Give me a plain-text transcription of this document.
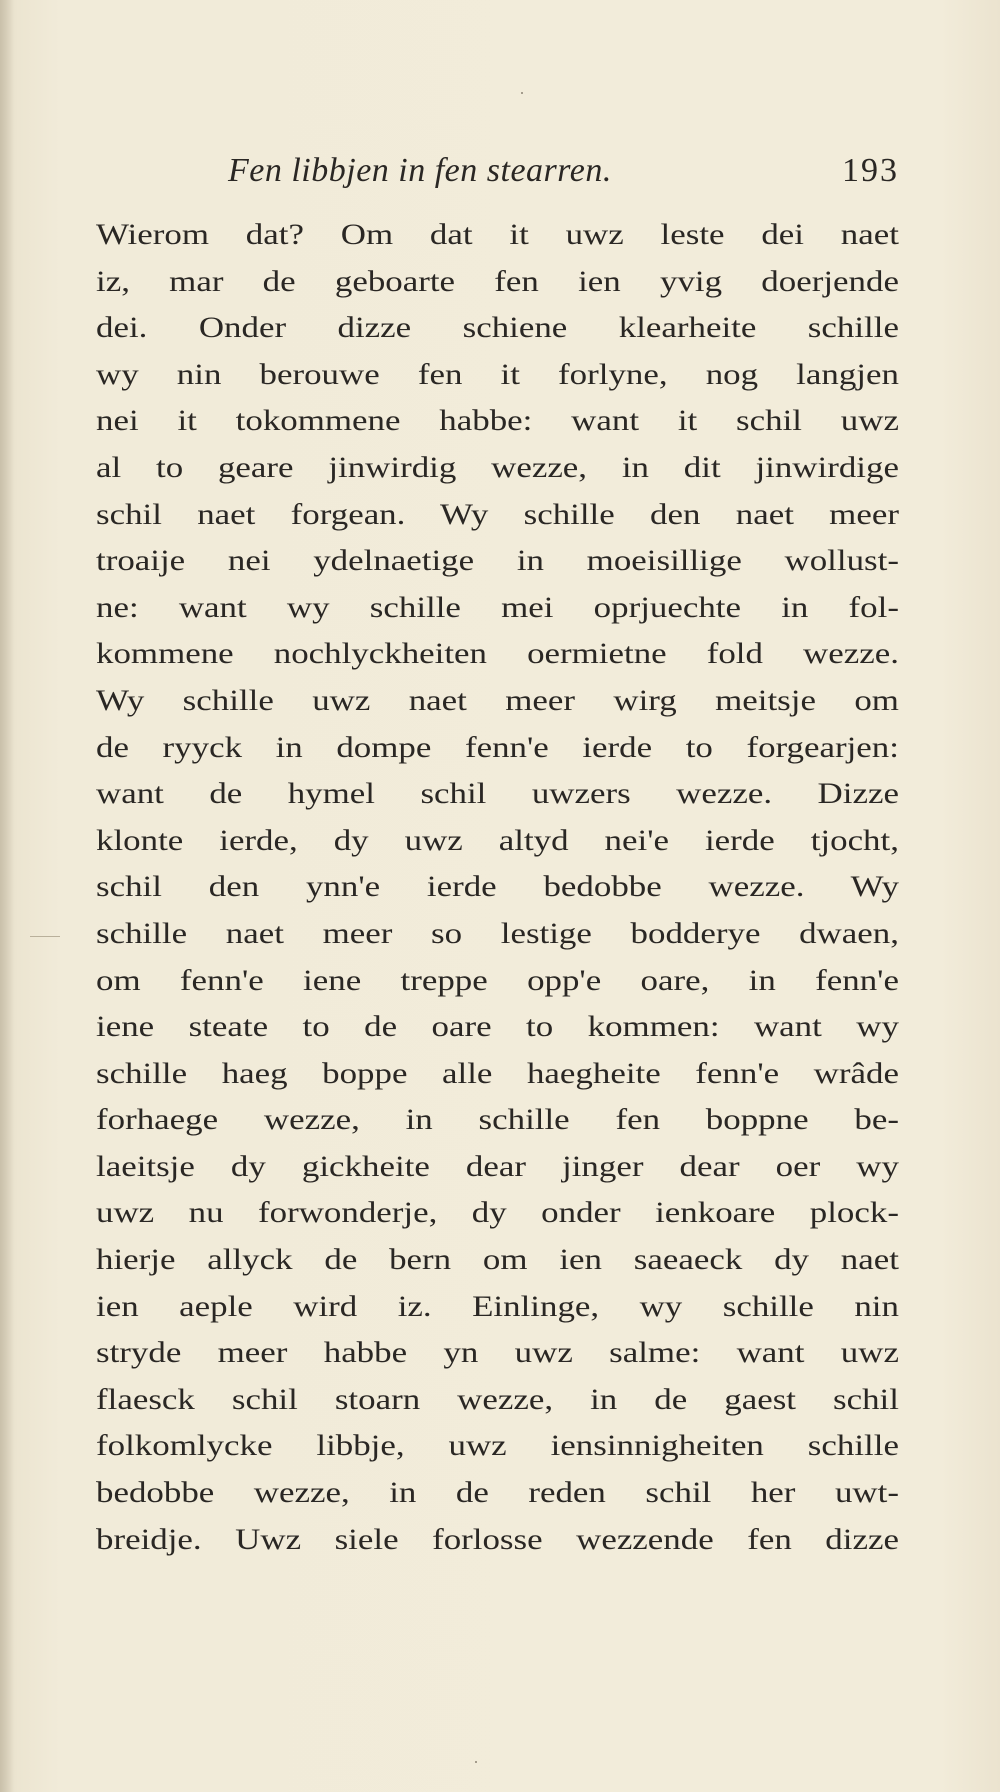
Fen libbjen in fen stearren.	193
Wierom dat? Om dat it uwz leste dei naet
iz, mar de geboarte fen ien yvig doerjende
dei. Onder dizze schiene klearheite schille
wy nin berouwe fen it forlyne, nog langjen
nei it tokommene habbe: want it schil uwz
al to geare jinwirdig wezze, in dit jinwirdige
schil naet forgean. Wy schille den naet meer
troaije nei ydelnaetige in moeisillige wollust-
ne: want wy schille mei oprjuechte in fol-
kommene nochlyckheiten oermietne fold wezze.
Wy schille uwz naet meer wirg meitsje om
de ryyck in dompe fenn'e ierde to forgearjen:
want de hymel schil uwzers wezze. Dizze
klonte ierde, dy uwz altyd nei'e ierde tjocht,
schil den ynn'e ierde bedobbe wezze. Wy
schille naet meer so lestige bodderye dwaen,
om fenn'e iene treppe opp'e oare, in fenn'e
iene steate to de oare to kommen: want wy
schille haeg boppe alle haegheite fenn'e wrâde
forhaege wezze, in schille fen boppne be-
laeitsje dy gickheite dear jinger dear oer wy
uwz nu forwonderje, dy onder ienkoare plock-
hierje allyck de bern om ien saeaeck dy naet
ien aeple wird iz. Einlinge, wy schille nin
stryde meer habbe yn uwz salme: want uwz
flaesck schil stoarn wezze, in de gaest schil
folkomlycke libbje, uwz iensinnigheiten schille
bedobbe wezze, in de reden schil her uwt-
breidje. Uwz siele forlosse wezzende fen dizze
